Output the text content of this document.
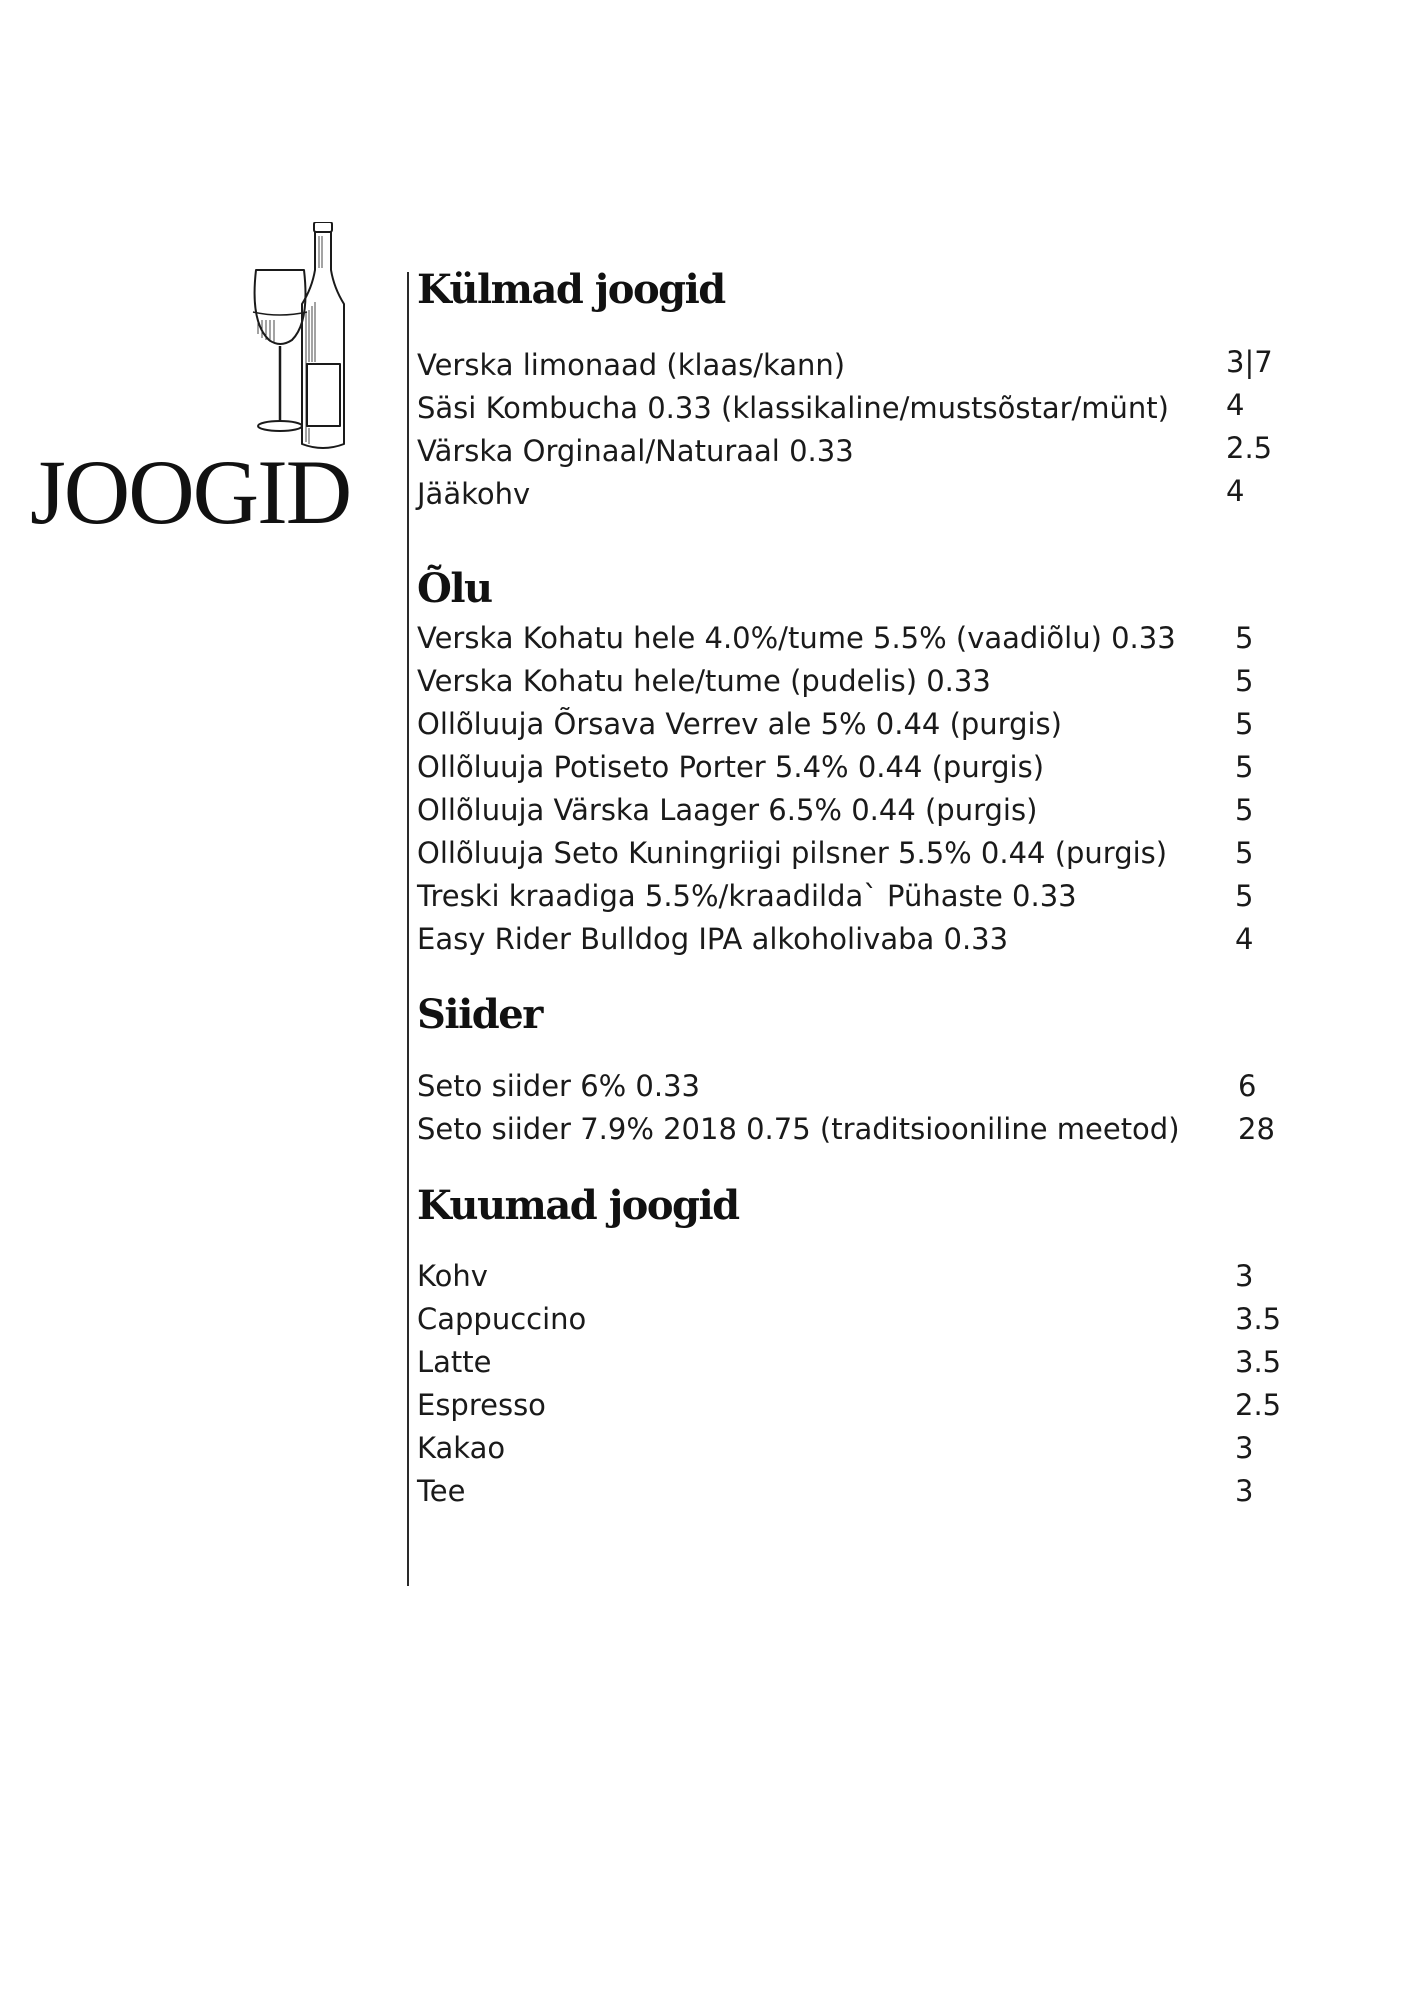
JOOGID
Külmad joogid
Verska limonaad (klaas/kann)	3|7
Säsi Kombucha 0.33 (klassikaline/mustsõstar/münt) 4
Värska Orginaal/Naturaal 0.33	2.5
Jääkohv	4
Õlu
Verska Kohatu hele 4.0%/tume 5.5% (vaadiõlu) 0.33 5
Verska Kohatu hele/tume (pudelis) 0.33	5
Ollõluuja Õrsava Verrev ale 5% 0.44 (purgis)	5
Ollõluuja Potiseto Porter 5.4% 0.44 (purgis)	5
Ollõluuja Värska Laager 6.5% 0.44 (purgis)	5
Ollõluuja Seto Kuningriigi pilsner 5.5% 0.44 (purgis) 5
Treski kraadiga 5.5%/kraadilda` Pühaste 0.33	5
Easy Rider Bulldog IPA alkoholivaba 0.33	4
Siider
Seto siider 6% 0.33	6
Seto siider 7.9% 2018 0.75 (traditsiooniline meetod) 28
Kuumad joogid
Kohv	3
Cappuccino	3.5
Latte	3.5
Espresso	2.5
Kakao	3
Tee	3
